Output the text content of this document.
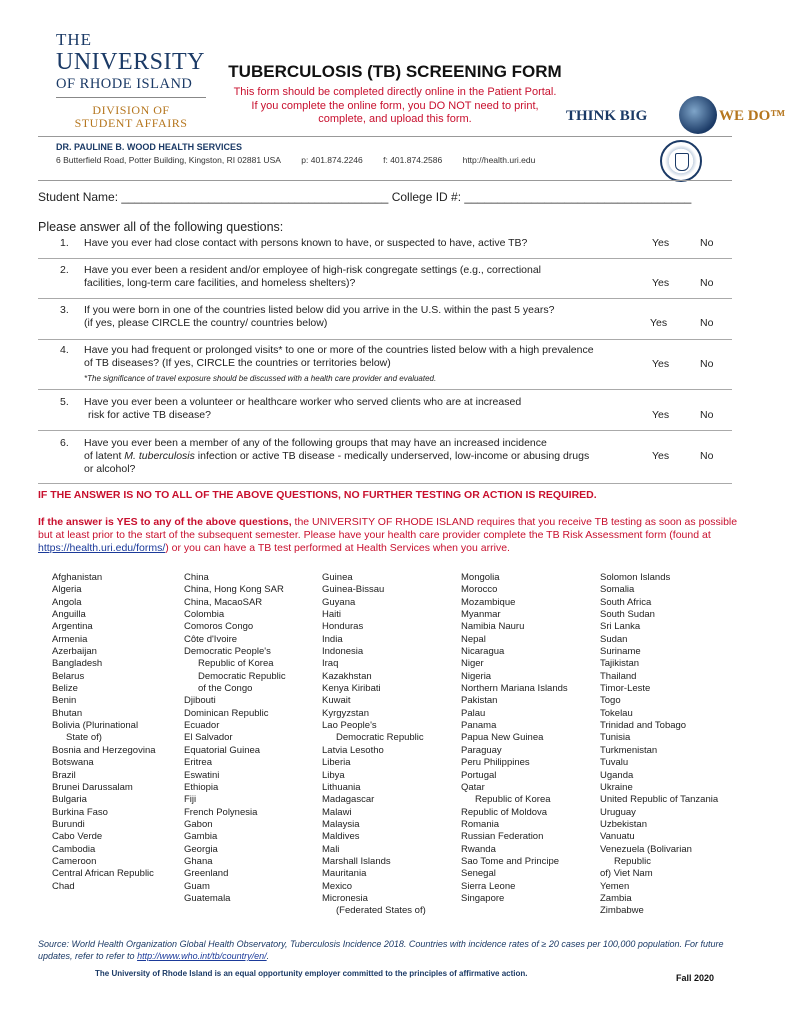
THE
UNIVERSITY
OF RHODE ISLAND
DIVISION OF
STUDENT AFFAIRS
TUBERCULOSIS (TB) SCREENING FORM
This form should be completed directly online in the Patient Portal.
If you complete the online form, you DO NOT need to print,
complete, and upload this form.	THINK BIG	WE DO™
DR. PAULINE B. WOOD HEALTH SERVICES
6 Butterfield Road, Potter Building, Kingston, RI 02881 USA p: 401.874.2246 f: 401.874.2586 http://health.uri.edu
Student Name: ________________________________________ College ID #: __________________________________
Please answer all of the following questions:
1. Have you ever had close contact with persons known to have, or suspected to have, active TB?	Yes	No
2. Have you ever been a resident and/or employee of high-risk congregate settings (e.g., correctional
facilities, long-term care facilities, and homeless shelters)?	Yes	No
3. If you were born in one of the countries listed below did you arrive in the U.S. within the past 5 years?
(if yes, please CIRCLE the country/ countries below)	Yes	No
4. Have you had frequent or prolonged visits* to one or more of the countries listed below with a high prevalence
of TB diseases? (If yes, CIRCLE the countries or territories below)
*The significance of travel exposure should be discussed with a health care provider and evaluated.
Yes	No
5. Have you ever been a volunteer or healthcare worker who served clients who are at increased
risk for active TB disease?	Yes	No
6. Have you ever been a member of any of the following groups that may have an increased incidence
of latent M. tuberculosis infection or active TB disease - medically underserved, low-income or abusing drugs
or alcohol?
Yes	No
IF THE ANSWER IS NO TO ALL OF THE ABOVE QUESTIONS, NO FURTHER TESTING OR ACTION IS REQUIRED.
If the answer is YES to any of the above questions, the UNIVERSITY OF RHODE ISLAND requires that you receive TB testing as soon as possible but at least prior to the start of the subsequent semester. Please have your health care provider complete the TB Risk Assessment form (found at https://health.uri.edu/forms/) or you can have a TB test performed at Health Services when you arrive.
Afghanistan
Algeria
Angola
Anguilla
Argentina
Armenia
Azerbaijan
Bangladesh
Belarus
Belize
Benin
Bhutan
Bolivia (Plurinational
State of)
Bosnia and Herzegovina
Botswana
Brazil
Brunei Darussalam
Bulgaria
Burkina Faso
Burundi
Cabo Verde
Cambodia
Cameroon
Central African Republic
Chad
China
China, Hong Kong SAR
China, MacaoSAR
Colombia
Comoros Congo
Côte d'Ivoire
Democratic People's
Republic of Korea
Democratic Republic
of the Congo
Djibouti
Dominican Republic
Ecuador
El Salvador
Equatorial Guinea
Eritrea
Eswatini
Ethiopia
Fiji
French Polynesia
Gabon
Gambia
Georgia
Ghana
Greenland
Guam
Guatemala
Guinea
Guinea-Bissau
Guyana
Haiti
Honduras
India
Indonesia
Iraq
Kazakhstan
Kenya Kiribati
Kuwait
Kyrgyzstan
Lao People's
Democratic Republic
Latvia Lesotho
Liberia
Libya
Lithuania
Madagascar
Malawi
Malaysia
Maldives
Mali
Marshall Islands
Mauritania
Mexico
Micronesia
(Federated States of)
Mongolia
Morocco
Mozambique
Myanmar
Namibia Nauru
Nepal
Nicaragua
Niger
Nigeria
Northern Mariana Islands
Pakistan
Palau
Panama
Papua New Guinea
Paraguay
Peru Philippines
Portugal
Qatar
Republic of Korea
Republic of Moldova
Romania
Russian Federation
Rwanda
Sao Tome and Principe
Senegal
Sierra Leone
Singapore
Solomon Islands
Somalia
South Africa
South Sudan
Sri Lanka
Sudan
Suriname
Tajikistan
Thailand
Timor-Leste
Togo
Tokelau
Trinidad and Tobago
Tunisia
Turkmenistan
Tuvalu
Uganda
Ukraine
United Republic of Tanzania
Uruguay
Uzbekistan
Vanuatu
Venezuela (Bolivarian
Republic
of) Viet Nam
Yemen
Zambia
Zimbabwe
Source: World Health Organization Global Health Observatory, Tuberculosis Incidence 2018. Countries with incidence rates of ≥ 20 cases per 100,000 population. For future updates, refer to refer to http://www.who.int/tb/country/en/.
The University of Rhode Island is an equal opportunity employer committed to the principles of affirmative action.	Fall 2020
